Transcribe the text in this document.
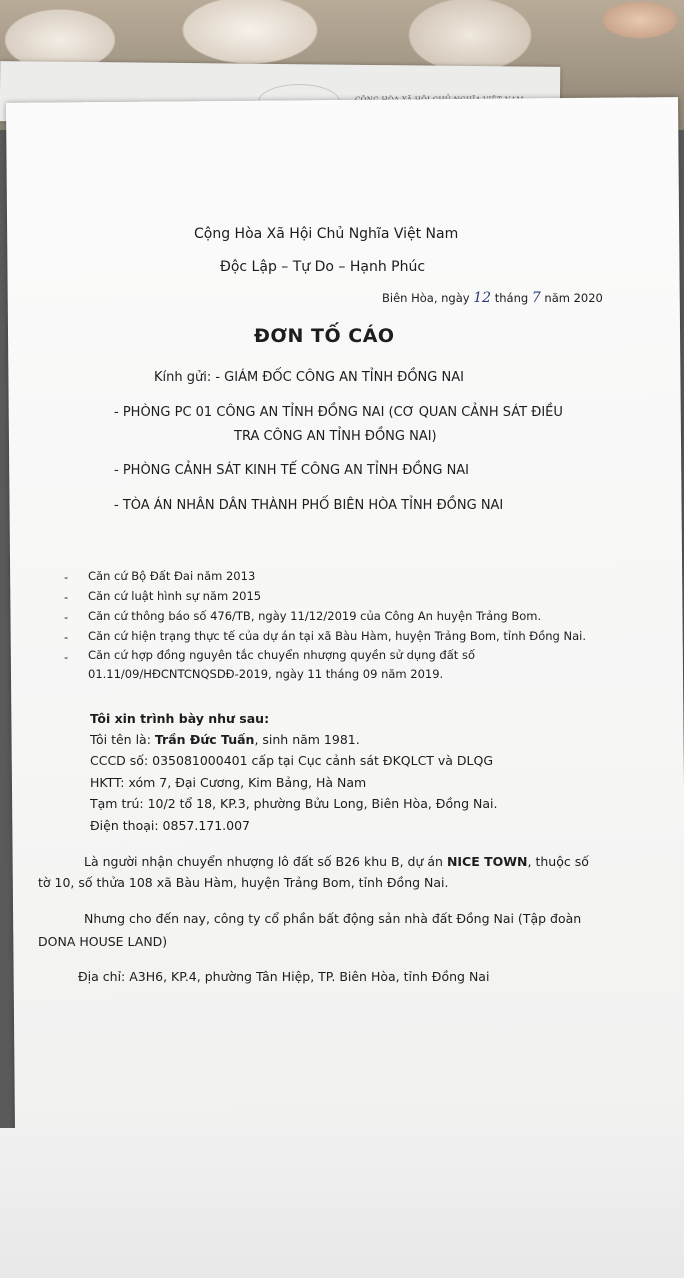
Cộng Hòa Xã Hội Chủ Nghĩa Việt Nam
Độc Lập – Tự Do – Hạnh Phúc
Biên Hòa, ngày 12 tháng 7 năm 2020
ĐƠN TỐ CÁO
Kính gửi: - GIÁM ĐỐC CÔNG AN TỈNH ĐỒNG NAI
- PHÒNG PC 01 CÔNG AN TỈNH ĐỒNG NAI (CƠ QUAN CẢNH SÁT ĐIỀU
TRA CÔNG AN TỈNH ĐỒNG NAI)
- PHÒNG CẢNH SÁT KINH TẾ CÔNG AN TỈNH ĐỒNG NAI
- TÒA ÁN NHÂN DÂN THÀNH PHỐ BIÊN HÒA TỈNH ĐỒNG NAI
- Căn cứ Bộ Đất Đai năm 2013
- Căn cứ luật hình sự năm 2015
- Căn cứ thông báo số 476/TB, ngày 11/12/2019 của Công An huyện Trảng Bom.
- Căn cứ hiện trạng thực tế của dự án tại xã Bàu Hàm, huyện Trảng Bom, tỉnh Đồng Nai.
- Căn cứ hợp đồng nguyên tắc chuyển nhượng quyền sử dụng đất số
01.11/09/HĐCNTCNQSDĐ-2019, ngày 11 tháng 09 năm 2019.
Tôi xin trình bày như sau:
Tôi tên là: Trần Đức Tuấn, sinh năm 1981.
CCCD số: 035081000401 cấp tại Cục cảnh sát ĐKQLCT và DLQG
HKTT: xóm 7, Đại Cương, Kim Bảng, Hà Nam
Tạm trú: 10/2 tổ 18, KP.3, phường Bửu Long, Biên Hòa, Đồng Nai.
Điện thoại: 0857.171.007
Là người nhận chuyển nhượng lô đất số B26 khu B, dự án NICE TOWN, thuộc số
tờ 10, số thửa 108 xã Bàu Hàm, huyện Trảng Bom, tỉnh Đồng Nai.
Nhưng cho đến nay, công ty cổ phần bất động sản nhà đất Đồng Nai (Tập đoàn
DONA HOUSE LAND)
Địa chỉ: A3H6, KP.4, phường Tân Hiệp, TP. Biên Hòa, tỉnh Đồng Nai
